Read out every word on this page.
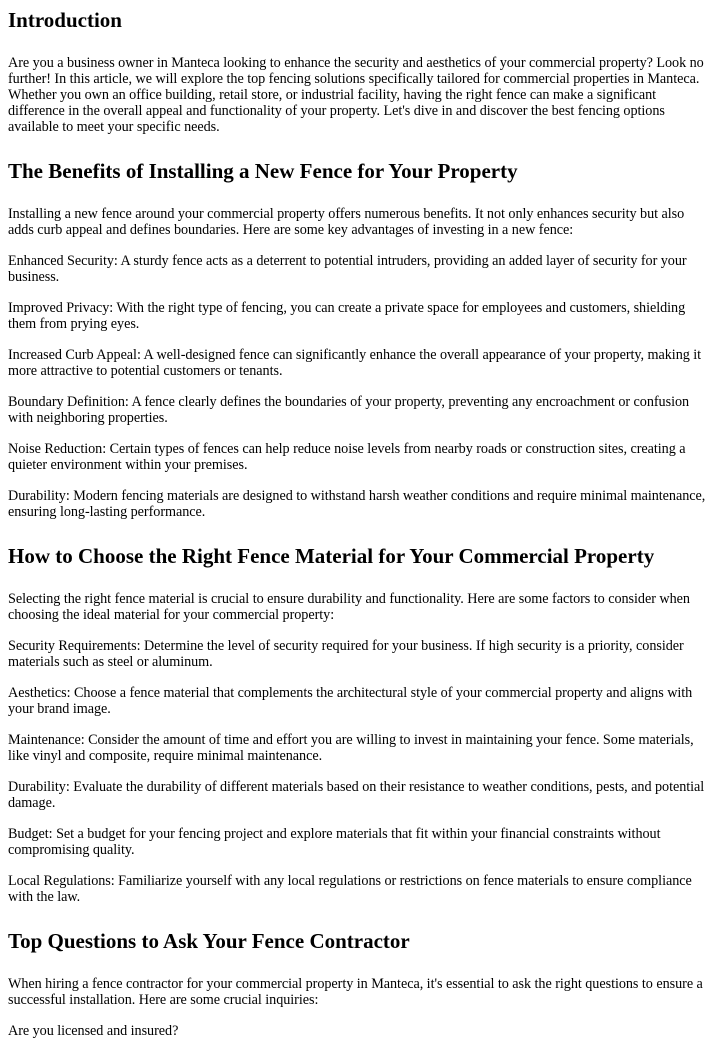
Introduction

Are you a business owner in Manteca looking to enhance the security and aesthetics of your commercial property? Look no further! In this article, we will explore the top fencing solutions specifically tailored for commercial properties in Manteca. Whether you own an office building, retail store, or industrial facility, having the right fence can make a significant difference in the overall appeal and functionality of your property. Let's dive in and discover the best fencing options available to meet your specific needs.

The Benefits of Installing a New Fence for Your Property

Installing a new fence around your commercial property offers numerous benefits. It not only enhances security but also adds curb appeal and defines boundaries. Here are some key advantages of investing in a new fence:

Enhanced Security: A sturdy fence acts as a deterrent to potential intruders, providing an added layer of security for your business.

Improved Privacy: With the right type of fencing, you can create a private space for employees and customers, shielding them from prying eyes.

Increased Curb Appeal: A well-designed fence can significantly enhance the overall appearance of your property, making it more attractive to potential customers or tenants.

Boundary Definition: A fence clearly defines the boundaries of your property, preventing any encroachment or confusion with neighboring properties.

Noise Reduction: Certain types of fences can help reduce noise levels from nearby roads or construction sites, creating a quieter environment within your premises.

Durability: Modern fencing materials are designed to withstand harsh weather conditions and require minimal maintenance, ensuring long-lasting performance.

How to Choose the Right Fence Material for Your Commercial Property

Selecting the right fence material is crucial to ensure durability and functionality. Here are some factors to consider when choosing the ideal material for your commercial property:

Security Requirements: Determine the level of security required for your business. If high security is a priority, consider materials such as steel or aluminum.

Aesthetics: Choose a fence material that complements the architectural style of your commercial property and aligns with your brand image.

Maintenance: Consider the amount of time and effort you are willing to invest in maintaining your fence. Some materials, like vinyl and composite, require minimal maintenance.

Durability: Evaluate the durability of different materials based on their resistance to weather conditions, pests, and potential damage.

Budget: Set a budget for your fencing project and explore materials that fit within your financial constraints without compromising quality.

Local Regulations: Familiarize yourself with any local regulations or restrictions on fence materials to ensure compliance with the law.

Top Questions to Ask Your Fence Contractor

When hiring a fence contractor for your commercial property in Manteca, it's essential to ask the right questions to ensure a successful installation. Here are some crucial inquiries:

Are you licensed and insured?
